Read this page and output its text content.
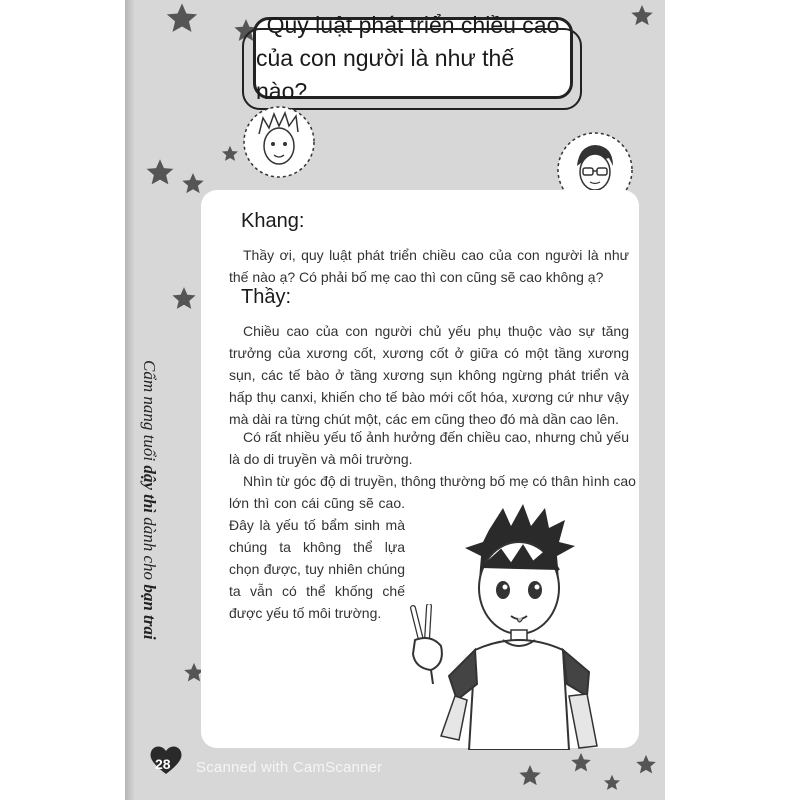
Quy luật phát triển chiều cao
của con người là như thế nào?
Khang:

Thầy ơi, quy luật phát triển chiều cao của con người là như thế nào ạ? Có phải bố mẹ cao thì con cũng sẽ cao không ạ?

Thầy:

Chiều cao của con người chủ yếu phụ thuộc vào sự tăng trưởng của xương cốt, xương cốt ở giữa có một tầng xương sụn, các tế bào ở tầng xương sụn không ngừng phát triển và hấp thụ canxi, khiến cho tế bào mới cốt hóa, xương cứ như vậy mà dài ra từng chút một, các em cũng theo đó mà dần cao lên.

Có rất nhiều yếu tố ảnh hưởng đến chiều cao, nhưng chủ yếu là do di truyền và môi trường.

Nhìn từ góc độ di truyền, thông thường bố mẹ có thân hình cao

lớn thì con cái cũng sẽ cao. Đây là yếu tố bẩm sinh mà chúng ta không thể lựa chọn được, tuy nhiên chúng ta vẫn có thể khống chế được yếu tố môi trường.

Cẩm nang tuổi dậy thì dành cho bạn trai
28 Scanned with CamScanner
